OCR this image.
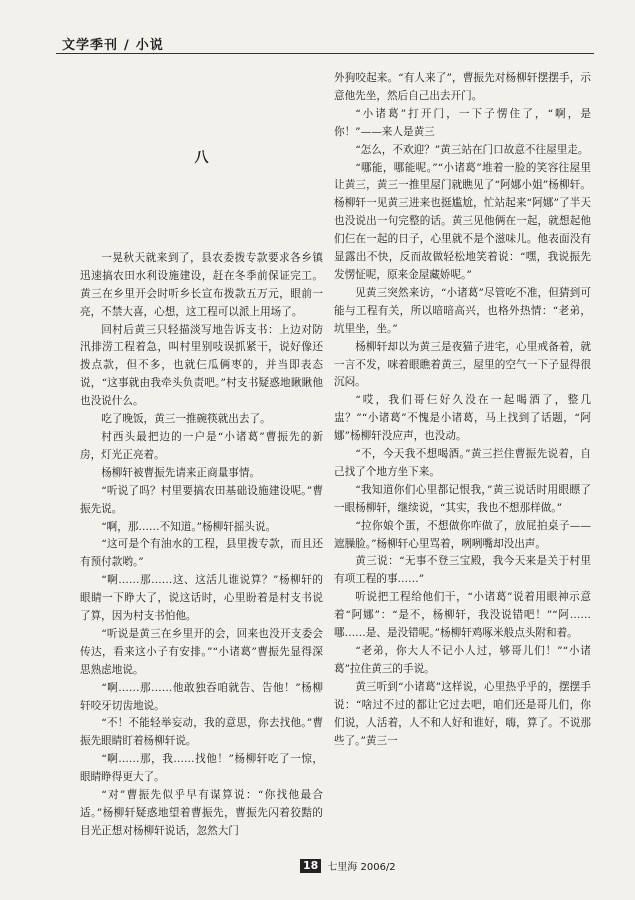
文学季刊 / 小说
八

一晃秋天就来到了，县农委拨专款要求各乡镇迅速搞农田水利设施建设，赶在冬季前保证完工。黄三在乡里开会时听乡长宣布拨款五万元，眼前一亮，不禁大喜，心想，这工程可以派上用场了。

回村后黄三只轻描淡写地告诉支书：上边对防汛排涝工程着急，叫村里别吱误抓紧干，说好像还拨点款，但不多，也就仨瓜俩枣的，并当即表态说，“这事就由我牵头负责吧。”村支书疑惑地瞅瞅他也没说什么。

吃了晚饭，黄三一推碗筷就出去了。

村西头最把边的一户是“小诸葛”曹振先的新房，灯光正亮着。

杨柳轩被曹振先请来正商量事情。

“听说了吗？村里要搞农田基础设施建设呢。”曹振先说。

“啊，那……不知道。”杨柳轩摇头说。

“这可是个有油水的工程，县里拨专款，而且还有预付款哟。”

“啊……那……这、这活儿谁说算？”杨柳轩的眼睛一下睁大了，说这话时，心里盼着是村支书说了算，因为村支书怕他。

“听说是黄三在乡里开的会，回来也没开支委会传达，看来这小子有安排。”“小诸葛”曹振先显得深思熟虑地说。

“啊……那……他敢独吞咱就告、告他！”杨柳轩咬牙切齿地说。

“不！不能轻举妄动，我的意思，你去找他。”曹振先眼睛盯着杨柳轩说。

“啊……那，我……找他！”杨柳轩吃了一惊，眼睛睁得更大了。

“对”曹振先似乎早有谋算说：“你找他最合适。”杨柳轩疑惑地望着曹振先，曹振先闪着狡黠的目光正想对杨柳轩说话，忽然大门

外狗咬起来。“有人来了”，曹振先对杨柳轩摆摆手，示意他先坐，然后自己出去开门。

“小诸葛”打开门，一下子愣住了，“啊，是你！”——来人是黄三

“怎么，不欢迎？”黄三站在门口故意不往屋里走。

“哪能，哪能呢。”“小诸葛”堆着一脸的笑容往屋里让黄三，黄三一推里屋门就瞧见了“阿娜小姐”杨柳轩。杨柳轩一见黄三进来也挺尴尬，忙站起来“阿娜”了半天也没说出一句完整的话。黄三见他俩在一起，就想起他们仨在一起的日子，心里就不是个滋味儿。他表面没有显露出不快，反而故做轻松地笑着说：“嘿，我说振先发愣怔呢，原来金屋藏娇呢。”

见黄三突然来访，“小诸葛”尽管吃不准，但猜到可能与工程有关，所以暗暗高兴，也格外热情：“老弟，坑里坐，坐。”

杨柳轩却以为黄三是夜猫子进宅，心里戒备着，就一言不发，咪着眼瞧着黄三，屋里的空气一下子显得很沉闷。

“哎，我们哥仨好久没在一起喝酒了，整几盅？”“小诸葛”不愧是小诸葛，马上找到了话题，“阿娜”杨柳轩没应声，也没动。

“不，今天我不想喝酒。”黄三拦住曹振先说着，自己找了个地方坐下来。

“我知道你们心里都记恨我，”黄三说话时用眼瞟了一眼杨柳轩，继续说，“其实，我也不想那样做。”

“拉你娘个蛋，不想做你咋做了，放屁拍桌子——遮臊脸。”杨柳轩心里骂着，咧咧嘴却没出声。

黄三说：“无事不登三宝殿，我今天来是关于村里有项工程的事……”

听说把工程给他们干，“小诸葛”说着用眼神示意着“阿娜”：“是不，杨柳轩，我没说错吧！”“阿……哪……是、是没错呢。”杨柳轩鸡啄米般点头附和着。

“老弟，你大人不记小人过，够哥儿们！”“小诸葛”拉住黄三的手说。

黄三听到“小诸葛”这样说，心里热乎乎的，摆摆手说：“啥过不过的都让它过去吧，咱们还是哥儿们，你们说，人活着，人不和人好和谁好，嗨，算了。不说那些了。”黄三一

18 七里海 2006/2
